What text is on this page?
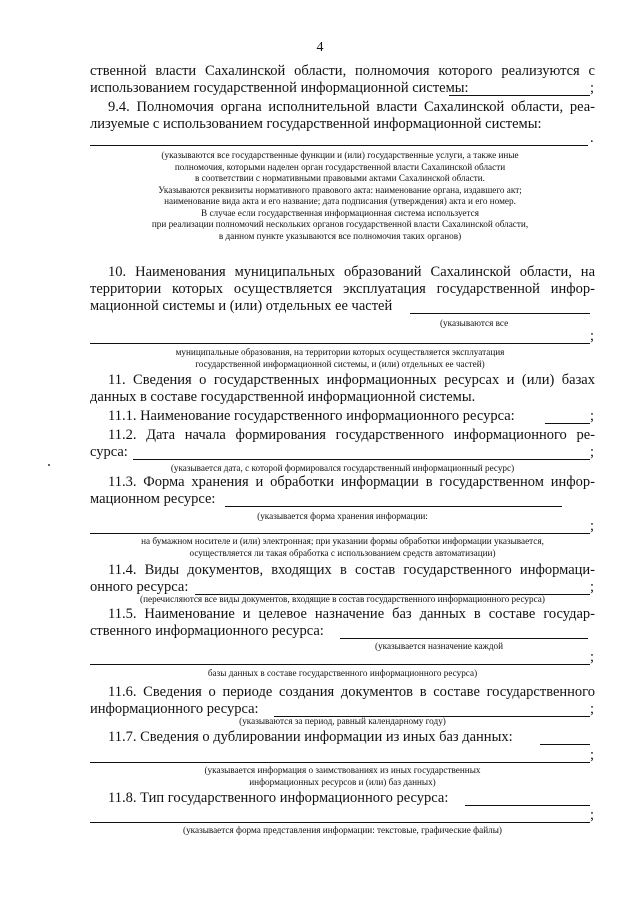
4
ственной власти Сахалинской области, полномочия которого реализуются с
использованием государственной информационной системы:	;
9.4. Полномочия органа исполнительной власти Сахалинской области, реа-
лизуемые с использованием государственной информационной системы:
.
(указываются все государственные функции и (или) государственные услуги, а также иные
полномочия, которыми наделен орган государственной власти Сахалинской области
в соответствии с нормативными правовыми актами Сахалинской области.
Указываются реквизиты нормативного правового акта: наименование органа, издавшего акт;
наименование вида акта и его название; дата подписания (утверждения) акта и его номер.
В случае если государственная информационная система используется
при реализации полномочий нескольких органов государственной власти Сахалинской области,
в данном пункте указываются все полномочия таких органов)
10. Наименования муниципальных образований Сахалинской области, на
территории которых осуществляется эксплуатация государственной инфор-
мационной системы и (или) отдельных ее частей
(указываются все
;
муниципальные образования, на территории которых осуществляется эксплуатация
государственной информационной системы, и (или) отдельных ее частей)
11. Сведения о государственных информационных ресурсах и (или) базах
данных в составе государственной информационной системы.
11.1. Наименование государственного информационного ресурса:	;
11.2. Дата начала формирования государственного информационного ре-
сурса:	;
(указывается дата, с которой формировался государственный информационный ресурс)
11.3. Форма хранения и обработки информации в государственном инфор-
мационном ресурсе:
(указывается форма хранения информации:
;
на бумажном носителе и (или) электронная; при указании формы обработки информации указывается,
осуществляется ли такая обработка с использованием средств автоматизации)
11.4. Виды документов, входящих в состав государственного информаци-
онного ресурса:	;
(перечисляются все виды документов, входящие в состав государственного информационного ресурса)
11.5. Наименование и целевое назначение баз данных в составе государ-
ственного информационного ресурса:
(указывается назначение каждой
;
базы данных в составе государственного информационного ресурса)
11.6. Сведения о периоде создания документов в составе государственного
информационного ресурса:	;
(указываются за период, равный календарному году)
11.7. Сведения о дублировании информации из иных баз данных:
;
(указывается информация о заимствованиях из иных государственных
информационных ресурсов и (или) баз данных)
11.8. Тип государственного информационного ресурса:
;
(указывается форма представления информации: текстовые, графические файлы)
